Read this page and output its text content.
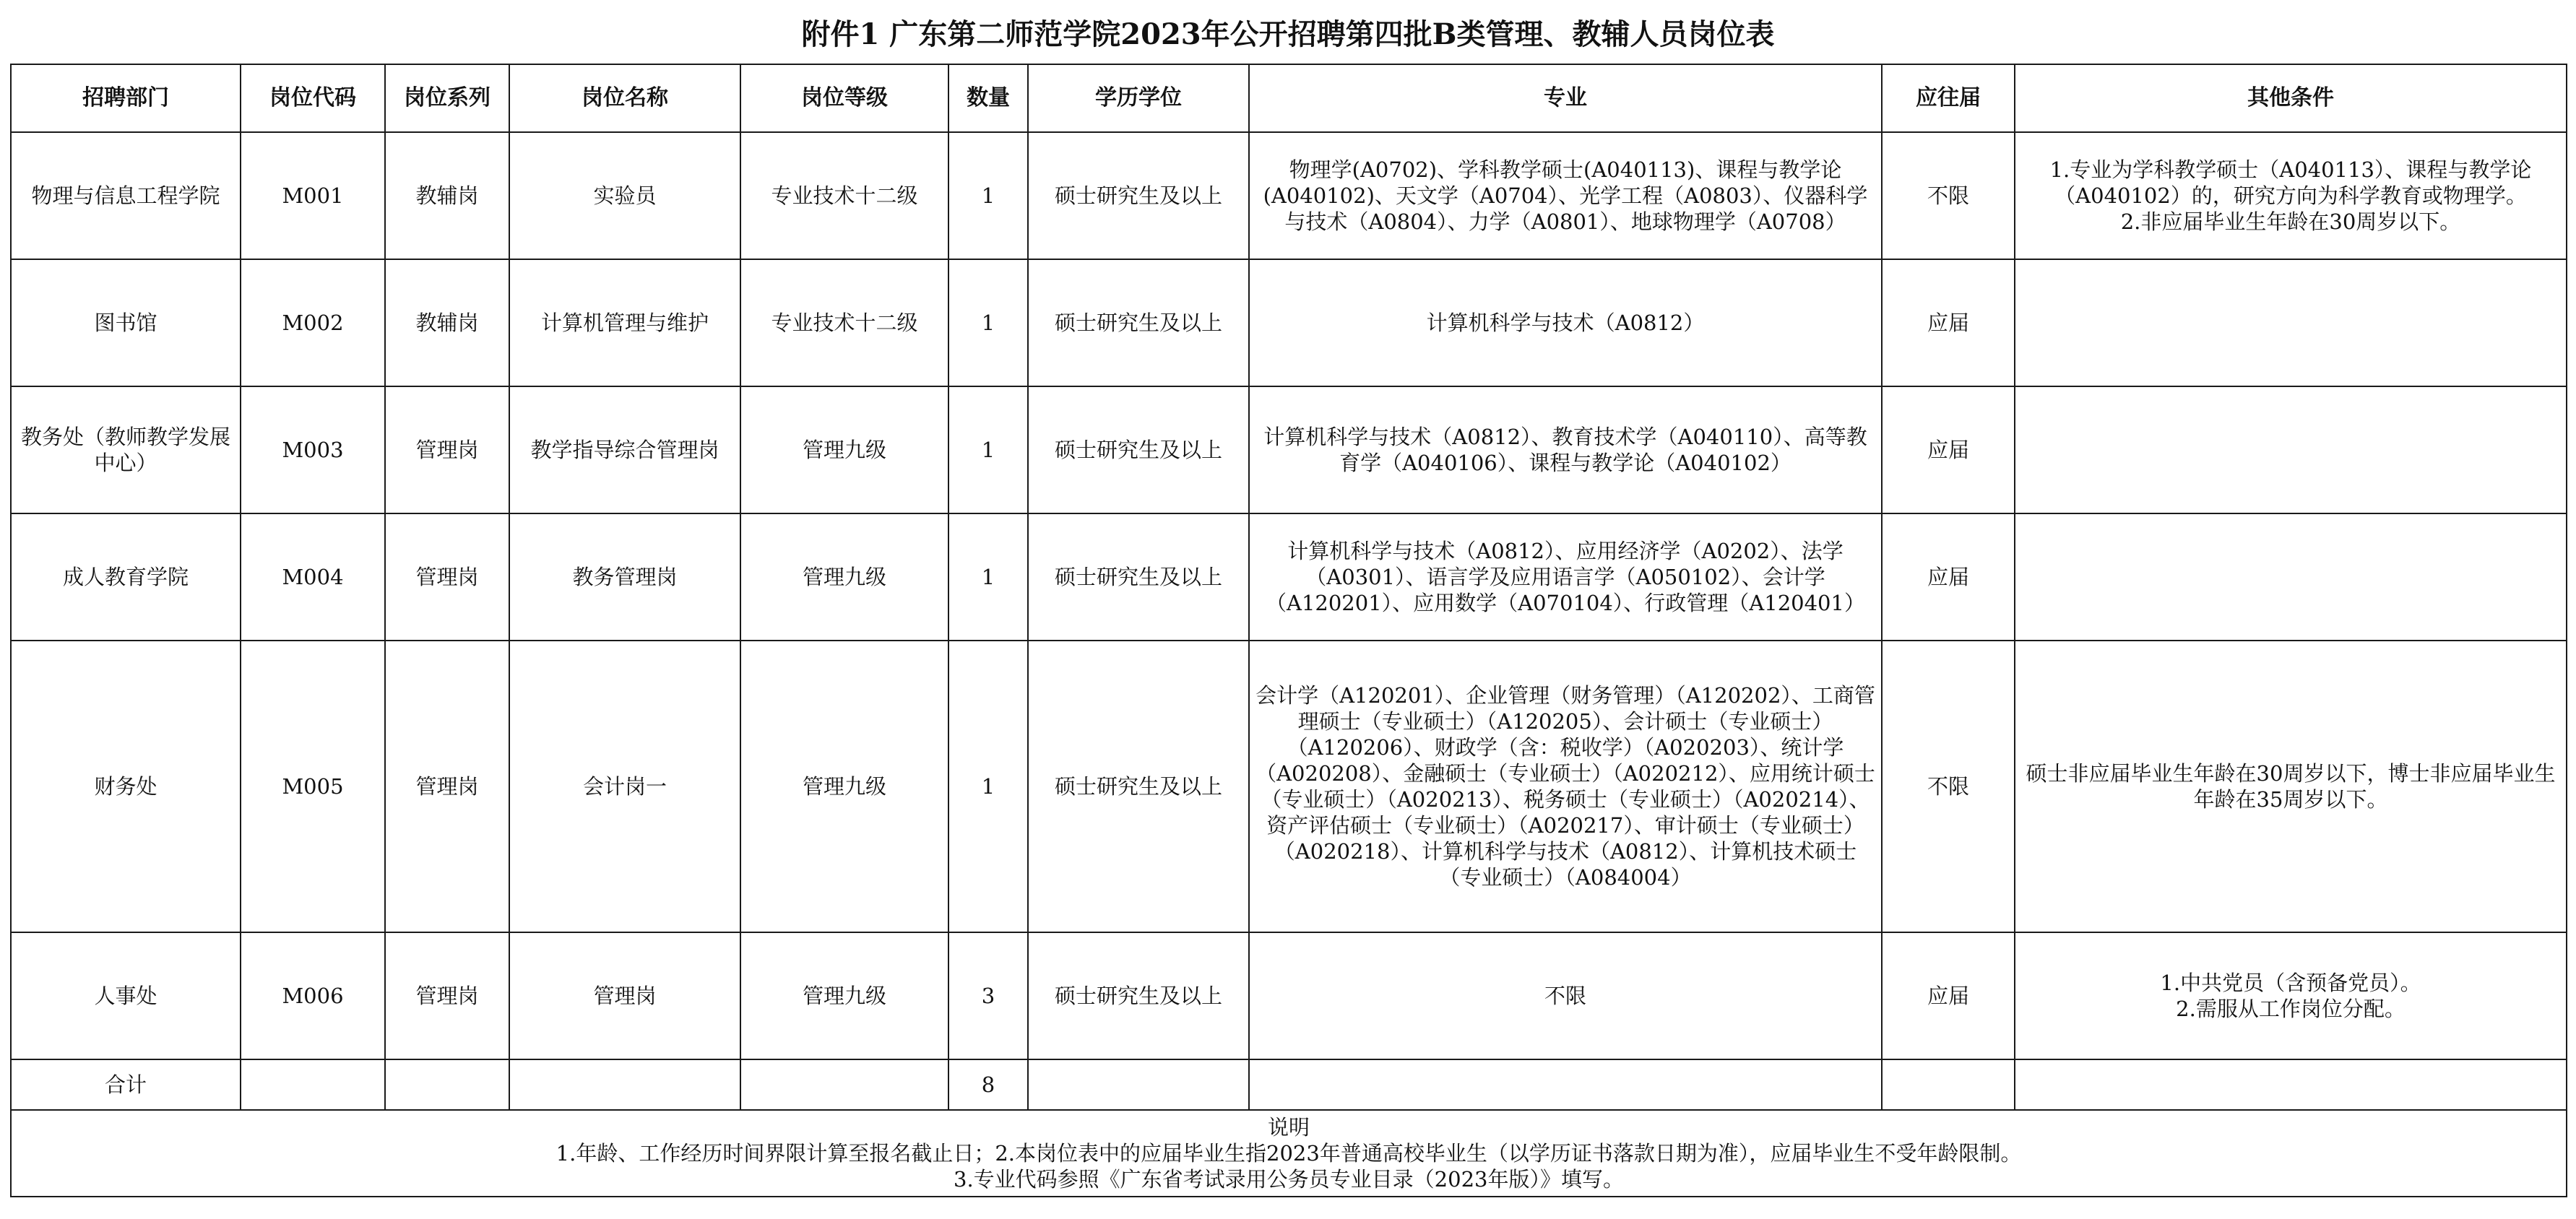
附件1 广东第二师范学院2023年公开招聘第四批B类管理、教辅人员岗位表
招聘部门	岗位代码	岗位系列	岗位名称	岗位等级	数量	学历学位	专业	应往届	其他条件
物理与信息工程学院	M001	教辅岗	实验员	专业技术十二级	1	硕士研究生及以上	物理学(A0702)、学科教学硕士(A040113)、课程与教学论(A040102)、天文学（A0704）、光学工程（A0803）、仪器科学与技术（A0804）、力学（A0801）、地球物理学（A0708）	不限	1.专业为学科教学硕士（A040113）、课程与教学论（A040102）的，研究方向为科学教育或物理学。
2.非应届毕业生年龄在30周岁以下。

图书馆	M002	教辅岗	计算机管理与维护	专业技术十二级	1	硕士研究生及以上	计算机科学与技术（A0812）	应届	
教务处（教师教学发展中心）	M003	管理岗	教学指导综合管理岗	管理九级	1	硕士研究生及以上	计算机科学与技术（A0812）、教育技术学（A040110）、高等教育学（A040106）、课程与教学论（A040102）	应届	
成人教育学院	M004	管理岗	教务管理岗	管理九级	1	硕士研究生及以上	计算机科学与技术（A0812）、应用经济学（A0202）、法学（A0301）、语言学及应用语言学（A050102）、会计学（A120201）、应用数学（A070104）、行政管理（A120401）	应届	
财务处	M005	管理岗	会计岗一	管理九级	1	硕士研究生及以上	会计学（A120201）、企业管理（财务管理）（A120202）、工商管理硕士（专业硕士）（A120205）、会计硕士（专业硕士）（A120206）、财政学（含：税收学）（A020203）、统计学（A020208）、金融硕士（专业硕士）（A020212）、应用统计硕士（专业硕士）（A020213）、税务硕士（专业硕士）（A020214）、资产评估硕士（专业硕士）（A020217）、审计硕士（专业硕士）（A020218）、计算机科学与技术（A0812）、计算机技术硕士（专业硕士）（A084004）	不限	硕士非应届毕业生年龄在30周岁以下，博士非应届毕业生年龄在35周岁以下。

人事处	M006	管理岗	管理岗	管理九级	3	硕士研究生及以上	不限	应届	1.中共党员（含预备党员）。
2.需服从工作岗位分配。

合计					8				

说明
1.年龄、工作经历时间界限计算至报名截止日；2.本岗位表中的应届毕业生指2023年普通高校毕业生（以学历证书落款日期为准），应届毕业生不受年龄限制。
3.专业代码参照《广东省考试录用公务员专业目录（2023年版）》填写。									
